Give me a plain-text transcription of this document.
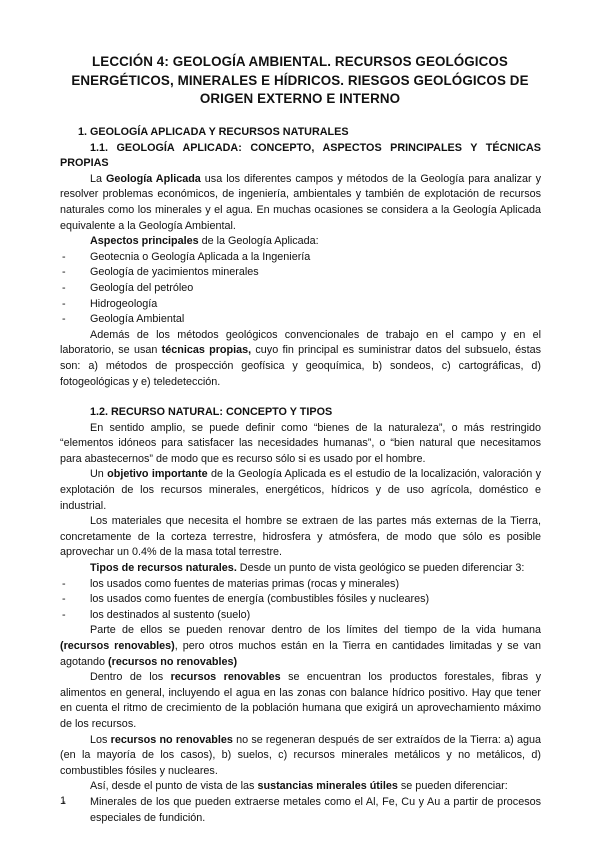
LECCIÓN 4: GEOLOGÍA AMBIENTAL. RECURSOS GEOLÓGICOS
ENERGÉTICOS, MINERALES E HÍDRICOS. RIESGOS GEOLÓGICOS DE
ORIGEN EXTERNO E INTERNO

1. GEOLOGÍA APLICADA Y RECURSOS NATURALES

1.1. GEOLOGÍA APLICADA: CONCEPTO, ASPECTOS PRINCIPALES Y TÉCNICAS PROPIAS

La Geología Aplicada usa los diferentes campos y métodos de la Geología para analizar y resolver problemas económicos, de ingeniería, ambientales y también de explotación de recursos naturales como los minerales y el agua. En muchas ocasiones se considera a la Geología Aplicada equivalente a la Geología Ambiental.

Aspectos principales de la Geología Aplicada:

- Geotecnia o Geología Aplicada a la Ingeniería
- Geología de yacimientos minerales
- Geología del petróleo
- Hidrogeología
- Geología Ambiental

Además de los métodos geológicos convencionales de trabajo en el campo y en el laboratorio, se usan técnicas propias, cuyo fin principal es suministrar datos del subsuelo, éstas son: a) métodos de prospección geofísica y geoquímica, b) sondeos, c) cartográficas, d) fotogeológicas y e) teledetección.

1.2. RECURSO NATURAL: CONCEPTO Y TIPOS

En sentido amplio, se puede definir como “bienes de la naturaleza”, o más restringido “elementos idóneos para satisfacer las necesidades humanas”, o “bien natural que necesitamos para abastecernos” de modo que es recurso sólo si es usado por el hombre.

Un objetivo importante de la Geología Aplicada es el estudio de la localización, valoración y explotación de los recursos minerales, energéticos, hídricos y de uso agrícola, doméstico e industrial.

Los materiales que necesita el hombre se extraen de las partes más externas de la Tierra, concretamente de la corteza terrestre, hidrosfera y atmósfera, de modo que sólo es posible aprovechar un 0.4% de la masa total terrestre.

Tipos de recursos naturales. Desde un punto de vista geológico se pueden diferenciar 3:

- los usados como fuentes de materias primas (rocas y minerales)
- los usados como fuentes de energía (combustibles fósiles y nucleares)
- los destinados al sustento (suelo)

Parte de ellos se pueden renovar dentro de los límites del tiempo de la vida humana (recursos renovables), pero otros muchos están en la Tierra en cantidades limitadas y se van agotando (recursos no renovables)

Dentro de los recursos renovables se encuentran los productos forestales, fibras y alimentos en general, incluyendo el agua en las zonas con balance hídrico positivo. Hay que tener en cuenta el ritmo de crecimiento de la población humana que exigirá un aprovechamiento máximo de los recursos.

Los recursos no renovables no se regeneran después de ser extraídos de la Tierra: a) agua (en la mayoría de los casos), b) suelos, c) recursos minerales metálicos y no metálicos, d) combustibles fósiles y nucleares.

Así, desde el punto de vista de las sustancias minerales útiles se pueden diferenciar:

- Minerales de los que pueden extraerse metales como el Al, Fe, Cu y Au a partir de procesos especiales de fundición.
1
